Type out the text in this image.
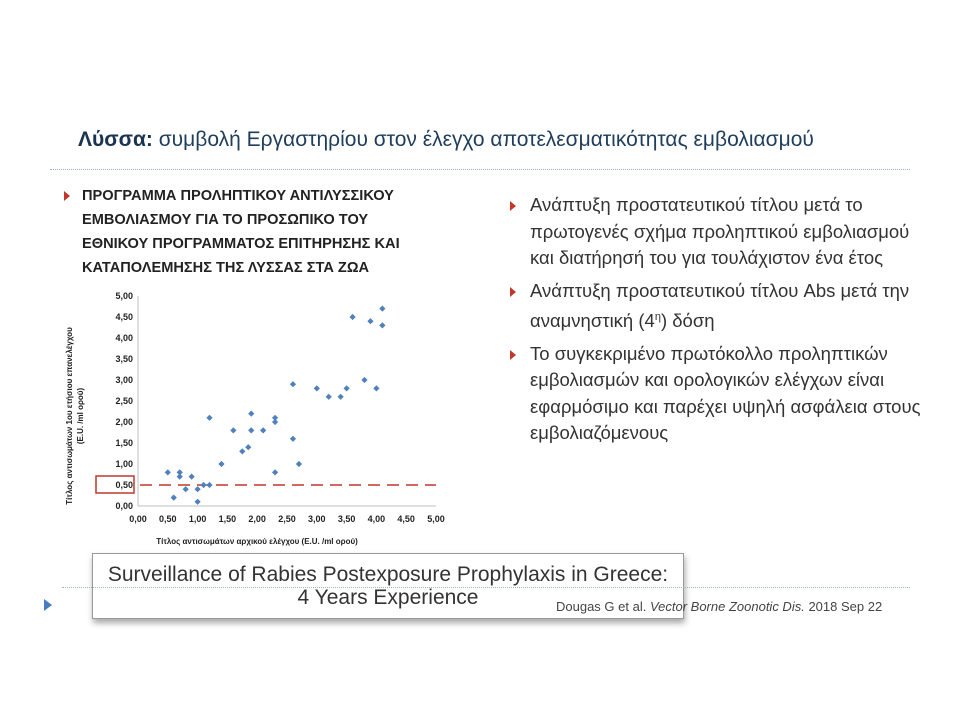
Λύσσα: συμβολή Εργαστηρίου στον έλεγχο αποτελεσματικότητας εμβολιασμού
ΠΡΟΓΡΑΜΜΑ ΠΡΟΛΗΠΤΙΚΟΥ ΑΝΤΙΛΥΣΣΙΚΟΥ
ΕΜΒΟΛΙΑΣΜΟΥ ΓΙΑ ΤΟ ΠΡΟΣΩΠΙΚΟ ΤΟΥ
ΕΘΝΙΚΟΥ ΠΡΟΓΡΑΜΜΑΤΟΣ ΕΠΙΤΗΡΗΣΗΣ ΚΑΙ
ΚΑΤΑΠΟΛΕΜΗΣΗΣ ΤΗΣ ΛΥΣΣΑΣ ΣΤΑ ΖΩΑ
Ανάπτυξη προστατευτικού τίτλου μετά το πρωτογενές σχήμα προληπτικού εμβολιασμού και διατήρησή του για τουλάχιστον ένα έτος
Ανάπτυξη προστατευτικού τίτλου Abs μετά την αναμνηστική $(4^\eta)$ δόση
Το συγκεκριμένο πρωτόκολλο προληπτικών εμβολιασμών και ορολογικών ελέγχων είναι εφαρμόσιμο και παρέχει υψηλή ασφάλεια στους εμβολιαζόμενους
0,00
0,50
1,00
1,50
2,00
2,50
3,00
3,50
4,00
4,50
5,00
0,00 0,50 1,00 1,50 2,00 2,50 3,00 3,50 4,00 4,50 5,00
Τίτλος αντισωμάτων αρχικού ελέγχου (E.U. /ml ορού)
Τίτλος αντισωμάτων 1ου ετήσιου επανελέγχου (E.U. /ml ορού)
Surveillance of Rabies Postexposure Prophylaxis in Greece:
4 Years Experience	Dougas G et al. Vector Borne Zoonotic Dis. 2018 Sep 22
